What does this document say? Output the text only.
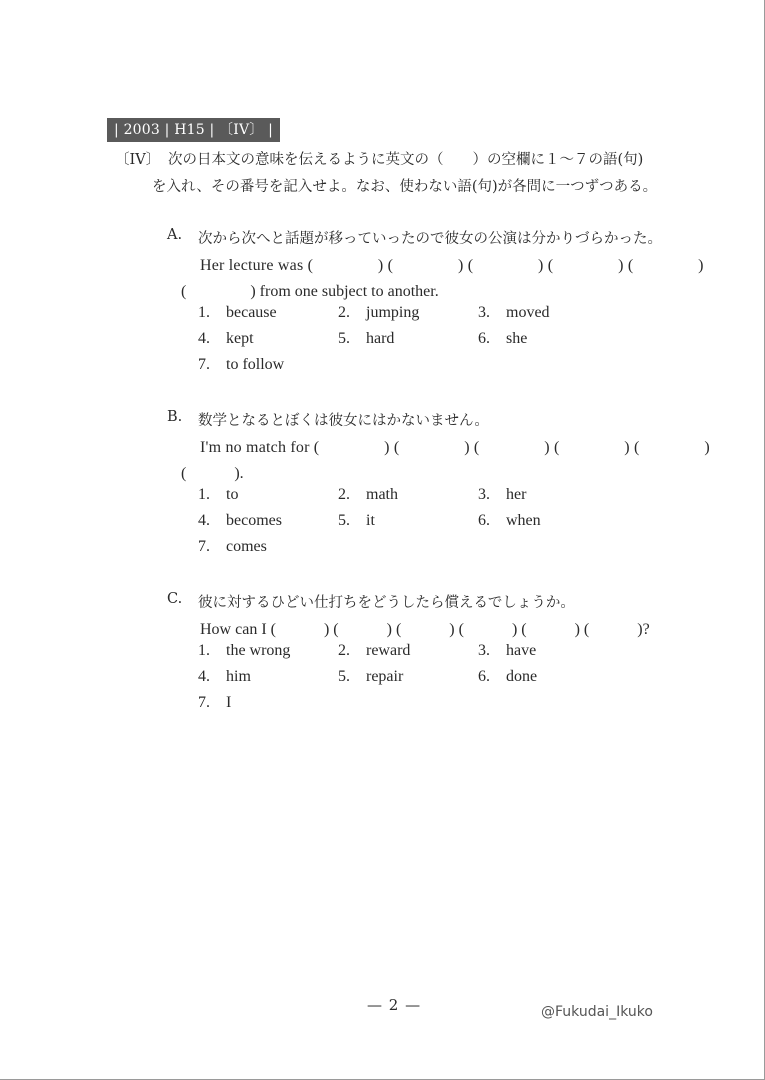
| 2003 | H15 | 〔IV〕 |
〔IV〕 次の日本文の意味を伝えるように英文の（　　）の空欄に１〜７の語(句)
を入れ、その番号を記入せよ。なお、使わない語(句)が各問に一つずつある。
A. 次から次へと話題が移っていったので彼女の公演は分かりづらかった。
Her lecture was (　　　　) (　　　　) (　　　　) (　　　　) (　　　　)
(　　　　) from one subject to another.
1. because	2. jumping	3. moved
4. kept	5. hard	6. she
7. to follow
B. 数学となるとぼくは彼女にはかないません。
I'm no match for (　　　　) (　　　　) (　　　　) (　　　　) (　　　　)
(　　　).
1. to	2. math	3. her
4. becomes	5. it	6. when
7. comes
C. 彼に対するひどい仕打ちをどうしたら償えるでしょうか。
How can I (　　　) (　　　) (　　　) (　　　) (　　　) (　　　)?
1. the wrong	2. reward	3. have
4. him	5. repair	6. done
7. I
— 2 —	@Fukudai_Ikuko
